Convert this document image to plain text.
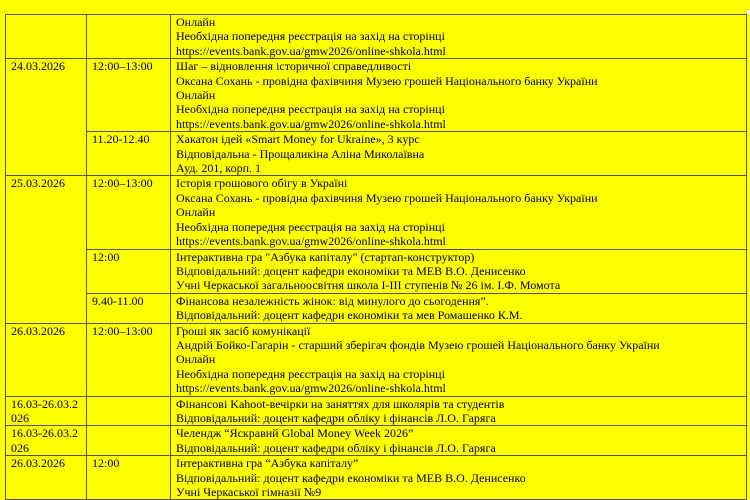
		Онлайн
Необхідна попередня реєстрація на захід на сторінці
https://events.bank.gov.ua/gmw2026/online-shkola.html

24.03.2026	12:00–13:00	Шаг – відновлення історичної справедливості
Оксана Сохань - провідна фахівчиня Музею грошей Національного банку України
Онлайн
Необхідна попередня реєстрація на захід на сторінці
https://events.bank.gov.ua/gmw2026/online-shkola.html

	11.20-12.40	Хакатон ідей «Smart Money for Ukraine», 3 курс
Відповідальна - Прощаликіна Аліна Миколаївна
Ауд. 201, корп. 1

25.03.2026	12:00–13:00	Історія грошового обігу в Україні
Оксана Сохань - провідна фахівчиня Музею грошей Національного банку України
Онлайн
Необхідна попередня реєстрація на захід на сторінці
https://events.bank.gov.ua/gmw2026/online-shkola.html

	12:00	Інтерактивна гра "Азбука капіталу" (стартап-конструктор)
Відповідальний: доцент кафедри економіки та МЕВ В.О. Денисенко
Учні Черкаської загальноосвітня школа I-III ступенів № 26 ім. І.Ф. Момота

	9.40-11.00	Фінансова незалежність жінок: від минулого до сьогодення”.
Відповідальний: доцент кафедри економіки та мев Ромашенко К.М.

26.03.2026	12:00–13:00	Гроші як засіб комунікації
Андрій Бойко-Гагарін - старший зберігач фондів Музею грошей Національного банку України
Онлайн
Необхідна попередня реєстрація на захід на сторінці
https://events.bank.gov.ua/gmw2026/online-shkola.html

16.03-26.03.2026		Фінансові Kahoot-вечірки на заняттях для школярів та студентів
Відповідальний: доцент кафедри обліку і фінансів Л.О. Гаряга

16.03-26.03.2026		Челендж “Яскравий Global Money Week 2026”
Відповідальний: доцент кафедри обліку і фінансів Л.О. Гаряга

26.03.2026	12:00	Інтерактивна гра “Азбука капіталу”
Відповідальний: доцент кафедри економіки та МЕВ В.О. Денисенко
Учні Черкаської гімназії №9
